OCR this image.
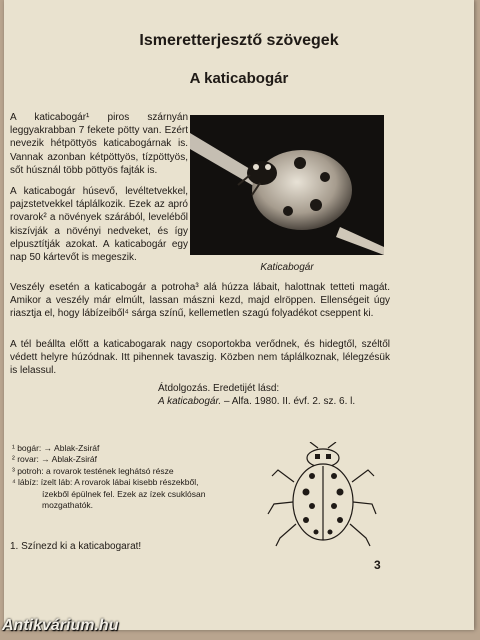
Ismeretterjesztő szövegek
A katicabogár

A katicabogár¹ piros szárnyán leggyakrabban 7 fekete pötty van. Ezért nevezik hétpöttyös katicabogárnak is. Vannak azonban kétpöttyös, tízpöttyös, sőt húsznál több pöttyös fajták is.

A katicabogár húsevő, levéltetvekkel, pajzstetvekkel táplálkozik. Ezek az apró rovarok² a növények szárából, leveléből kiszívják a növényi nedveket, és így elpusztítják azokat. A katicabogár egy nap 50 kártevőt is megeszik.

Katicabogár

Veszély esetén a katicabogár a potroha³ alá húzza lábait, halottnak tetteti magát. Amikor a veszély már elmúlt, lassan mászni kezd, majd elröppen. Ellenségeit úgy riasztja el, hogy lábízeiből⁴ sárga színű, kellemetlen szagú folyadékot cseppent ki.

A tél beállta előtt a katicabogarak nagy csoportokba verődnek, és hidegtől, széltől védett helyre húzódnak. Itt pihennek tavaszig. Közben nem táplálkoznak, lélegzésük is lelassul.

Átdolgozás. Eredetijét lásd:
A katicabogár. – Alfa. 1980. II. évf. 2. sz. 6. l.
¹ bogár: → Ablak-Zsiráf
² rovar: → Ablak-Zsiráf
³ potroh: a rovarok testének leghátsó része
⁴ lábíz: ízelt láb: A rovarok lábai kisebb részekből,
ízekből épülnek fel. Ezek az ízek csuklósan
mozgathatók.
1. Színezd ki a katicabogarat!
3
Antikvárium.hu
